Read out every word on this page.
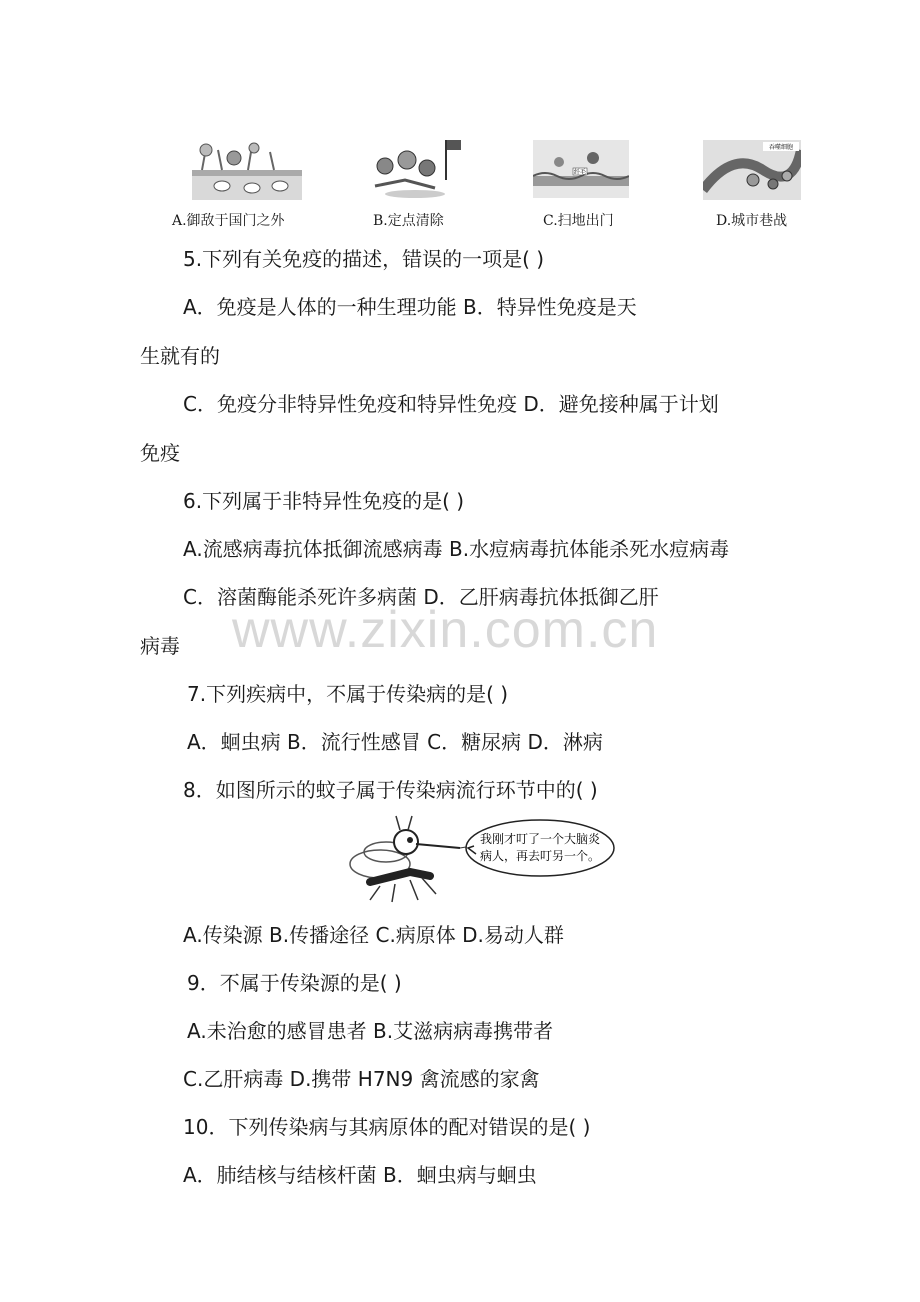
A.御敌于国门之外	B.定点清除
纤毛
C.扫地出门
吞噬细胞
D.城市巷战
5.下列有关免疫的描述，错误的一项是( )
A．免疫是人体的一种生理功能 B．特异性免疫是天
生就有的
C．免疫分非特异性免疫和特异性免疫 D．避免接种属于计划
免疫
6.下列属于非特异性免疫的是( )
A.流感病毒抗体抵御流感病毒 B.水痘病毒抗体能杀死水痘病毒
C．溶菌酶能杀死许多病菌 D．乙肝病毒抗体抵御乙肝
病毒 www.zixin.com.cn
7.下列疾病中，不属于传染病的是( )
A．蛔虫病 B．流行性感冒 C．糖尿病 D．淋病
8．如图所示的蚊子属于传染病流行环节中的( )
我刚才叮了一个大脑炎
病人，再去叮另一个。
A.传染源 B.传播途径 C.病原体 D.易动人群
9．不属于传染源的是( )
A.未治愈的感冒患者 B.艾滋病病毒携带者
C.乙肝病毒 D.携带 H7N9 禽流感的家禽
10．下列传染病与其病原体的配对错误的是( )
A．肺结核与结核杆菌 B．蛔虫病与蛔虫
